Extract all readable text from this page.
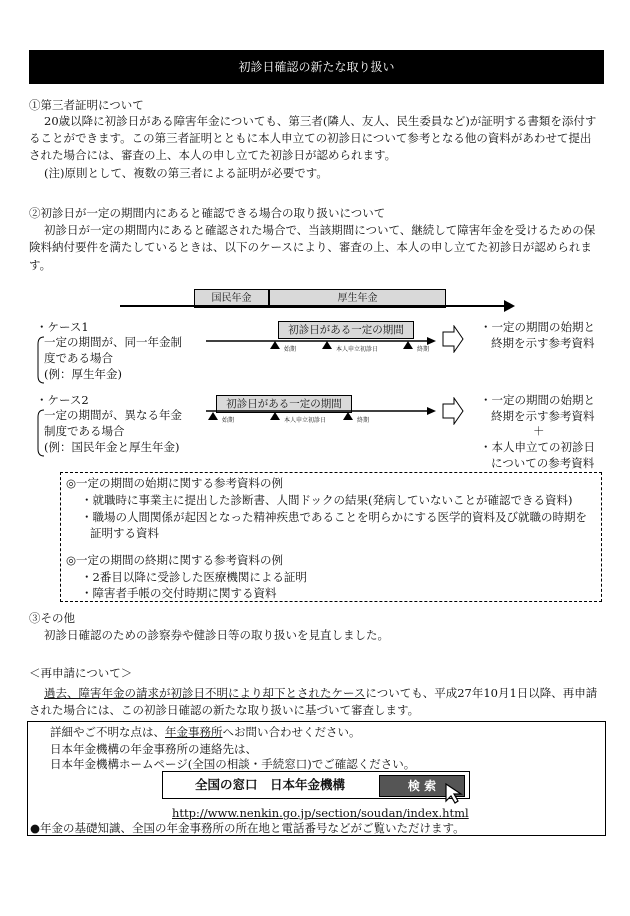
初診日確認の新たな取り扱い
①第三者証明について
20歳以降に初診日がある障害年金についても、第三者(隣人、友人、民生委員など)が証明する書類を添付す
ることができます。この第三者証明とともに本人申立ての初診日について参考となる他の資料があわせて提出
された場合には、審査の上、本人の申し立てた初診日が認められます。
(注)原則として、複数の第三者による証明が必要です。
②初診日が一定の期間内にあると確認できる場合の取り扱いについて
初診日が一定の期間内にあると確認された場合で、当該期間について、継続して障害年金を受けるための保
険料納付要件を満たしているときは、以下のケースにより、審査の上、本人の申し立てた初診日が認められま
す。
国民年金	厚生年金
・ケース1
一定の期間が、同一年金制
度である場合
(例：厚生年金)
初診日がある一定の期間
始期	本人申立初診日	終期
・一定の期間の始期と
終期を示す参考資料
・ケース2
一定の期間が、異なる年金
制度である場合
(例：国民年金と厚生年金)
初診日がある一定の期間
始期	本人申立初診日	終期
・一定の期間の始期と
終期を示す参考資料
＋
・本人申立ての初診日
についての参考資料
◎一定の期間の始期に関する参考資料の例
・就職時に事業主に提出した診断書、人間ドックの結果(発病していないことが確認できる資料)
・職場の人間関係が起因となった精神疾患であることを明らかにする医学的資料及び就職の時期を
証明する資料
◎一定の期間の終期に関する参考資料の例
・2番目以降に受診した医療機関による証明
・障害者手帳の交付時期に関する資料
③その他
初診日確認のための診察券や健診日等の取り扱いを見直しました。
＜再申請について＞
過去、障害年金の請求が初診日不明により却下とされたケースについても、平成27年10月1日以降、再申請
された場合には、この初診日確認の新たな取り扱いに基づいて審査します。
詳細やご不明な点は、年金事務所へお問い合わせください。
日本年金機構の年金事務所の連絡先は、
日本年金機構ホームページ(全国の相談・手続窓口)でご確認ください。
全国の窓口　日本年金機構	検 索
http://www.nenkin.go.jp/section/soudan/index.html
●年金の基礎知識、全国の年金事務所の所在地と電話番号などがご覧いただけます。
